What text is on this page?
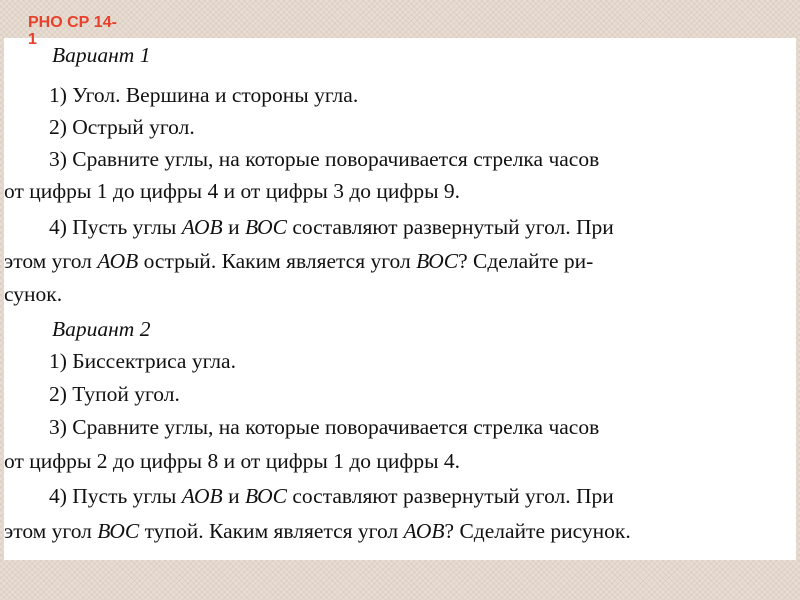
РНО СР 14-1
Вариант 1
1) Угол. Вершина и стороны угла.
2) Острый угол.
3) Сравните углы, на которые поворачивается стрелка часов
от цифры 1 до цифры 4 и от цифры 3 до цифры 9.
4) Пусть углы АОВ и ВОС составляют развернутый угол. При
этом угол АОВ острый. Каким является угол ВОС? Сделайте ри-
сунок.
Вариант 2
1) Биссектриса угла.
2) Тупой угол.
3) Сравните углы, на которые поворачивается стрелка часов
от цифры 2 до цифры 8 и от цифры 1 до цифры 4.
4) Пусть углы АОВ и ВОС составляют развернутый угол. При
этом угол ВОС тупой. Каким является угол АОВ? Сделайте рисунок.
